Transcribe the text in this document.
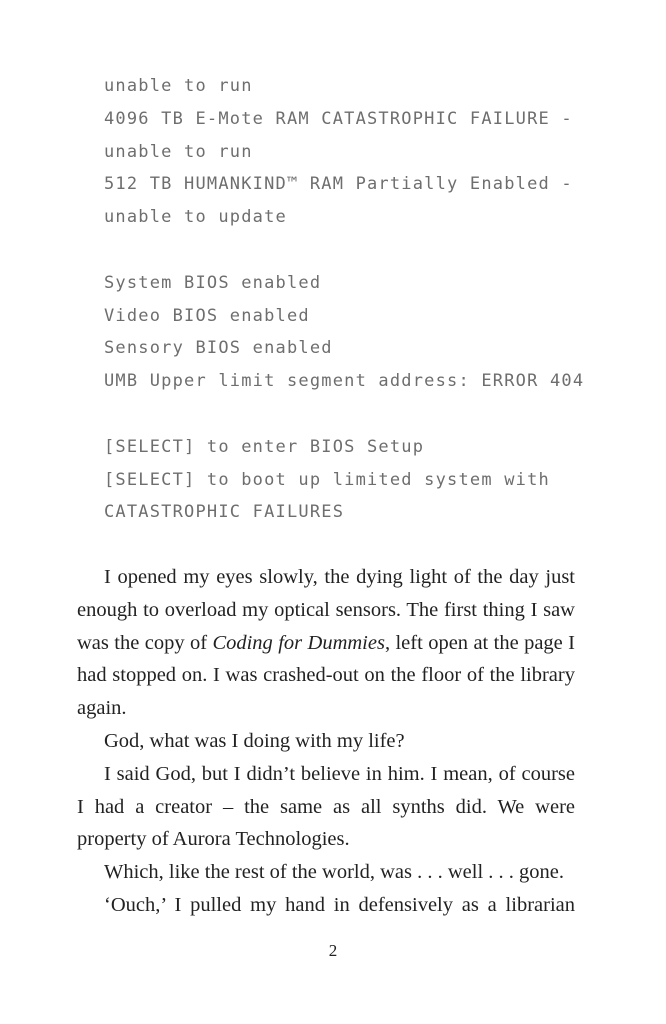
unable to run
4096 TB E-Mote RAM CATASTROPHIC FAILURE -
unable to run
512 TB HUMANKIND™ RAM Partially Enabled -
unable to update
System BIOS enabled
Video BIOS enabled
Sensory BIOS enabled
UMB Upper limit segment address: ERROR 404
[SELECT] to enter BIOS Setup
[SELECT] to boot up limited system with
CATASTROPHIC FAILURES

I opened my eyes slowly, the dying light of the day just enough to overload my optical sensors. The first thing I saw was the copy of Coding for Dummies, left open at the page I had stopped on. I was crashed-out on the floor of the library again.

God, what was I doing with my life?

I said God, but I didn’t believe in him. I mean, of course I had a creator – the same as all synths did. We were property of Aurora Technologies.

Which, like the rest of the world, was . . . well . . . gone.

‘Ouch,’ I pulled my hand in defensively as a librarian

2
